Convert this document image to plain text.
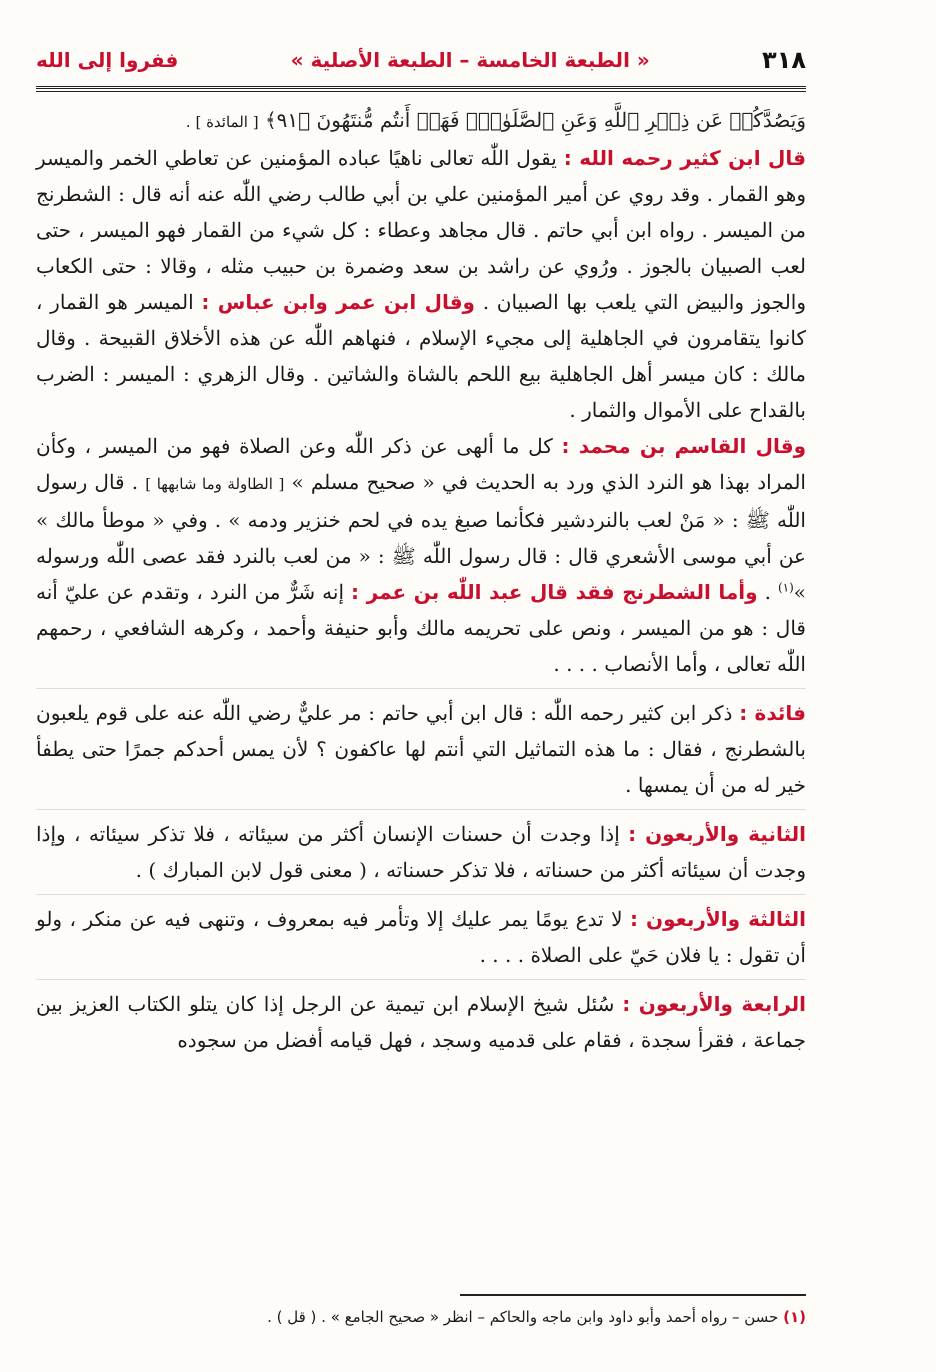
٣١٨
« الطبعة الخامسة – الطبعة الأصلية »
ففروا إلى الله

وَيَصُدَّكُمۡ عَن ذِكۡرِ ٱللَّهِ وَعَنِ ٱلصَّلَوٰةِۖ فَهَلۡ أَنتُم مُّنتَهُونَ ﴿٩١﴾ [ المائدة ] .

قال ابن كثير رحمه الله : يقول اللّٰه تعالى ناهيًا عباده المؤمنين عن تعاطي الخمر والميسر وهو القمار . وقد روي عن أمير المؤمنين علي بن أبي طالب رضي اللّٰه عنه أنه قال : الشطرنج من الميسر . رواه ابن أبي حاتم . قال مجاهد وعطاء : كل شيء من القمار فهو الميسر ، حتى لعب الصبيان بالجوز . ورُوي عن راشد بن سعد وضمرة بن حبيب مثله ، وقالا : حتى الكعاب والجوز والبيض التي يلعب بها الصبيان . وقال ابن عمر وابن عباس : الميسر هو القمار ، كانوا يتقامرون في الجاهلية إلى مجيء الإسلام ، فنهاهم اللّٰه عن هذه الأخلاق القبيحة . وقال مالك : كان ميسر أهل الجاهلية بيع اللحم بالشاة والشاتين . وقال الزهري : الميسر : الضرب بالقداح على الأموال والثمار .

وقال القاسم بن محمد : كل ما ألهى عن ذكر اللّٰه وعن الصلاة فهو من الميسر ، وكأن المراد بهذا هو النرد الذي ورد به الحديث في « صحيح مسلم » [ الطاولة وما شابهها ] . قال رسول اللّٰه ﷺ : « مَنْ لعب بالنردشير فكأنما صبغ يده في لحم خنزير ودمه » . وفي « موطأ مالك » عن أبي موسى الأشعري قال : قال رسول اللّٰه ﷺ : « من لعب بالنرد فقد عصى اللّٰه ورسوله »$^{(١)}$ . وأما الشطرنج فقد قال عبد اللّٰه بن عمر : إنه شَرٌّ من النرد ، وتقدم عن عليّ أنه قال : هو من الميسر ، ونص على تحريمه مالك وأبو حنيفة وأحمد ، وكرهه الشافعي ، رحمهم اللّٰه تعالى ، وأما الأنصاب . . . .

فائدة : ذكر ابن كثير رحمه اللّٰه : قال ابن أبي حاتم : مر عليٌّ رضي اللّٰه عنه على قوم يلعبون بالشطرنج ، فقال : ما هذه التماثيل التي أنتم لها عاكفون ؟ لأن يمس أحدكم جمرًا حتى يطفأ خير له من أن يمسها .

الثانية والأربعون : إذا وجدت أن حسنات الإنسان أكثر من سيئاته ، فلا تذكر سيئاته ، وإذا وجدت أن سيئاته أكثر من حسناته ، فلا تذكر حسناته ، ( معنى قول لابن المبارك ) .

الثالثة والأربعون : لا تدع يومًا يمر عليك إلا وتأمر فيه بمعروف ، وتنهى فيه عن منكر ، ولو أن تقول : يا فلان حَيّ على الصلاة . . . .

الرابعة والأربعون : سُئل شيخ الإسلام ابن تيمية عن الرجل إذا كان يتلو الكتاب العزيز بين جماعة ، فقرأ سجدة ، فقام على قدميه وسجد ، فهل قيامه أفضل من سجوده

(١) حسن – رواه أحمد وأبو داود وابن ماجه والحاكم – انظر « صحيح الجامع » . ( قل ) .
